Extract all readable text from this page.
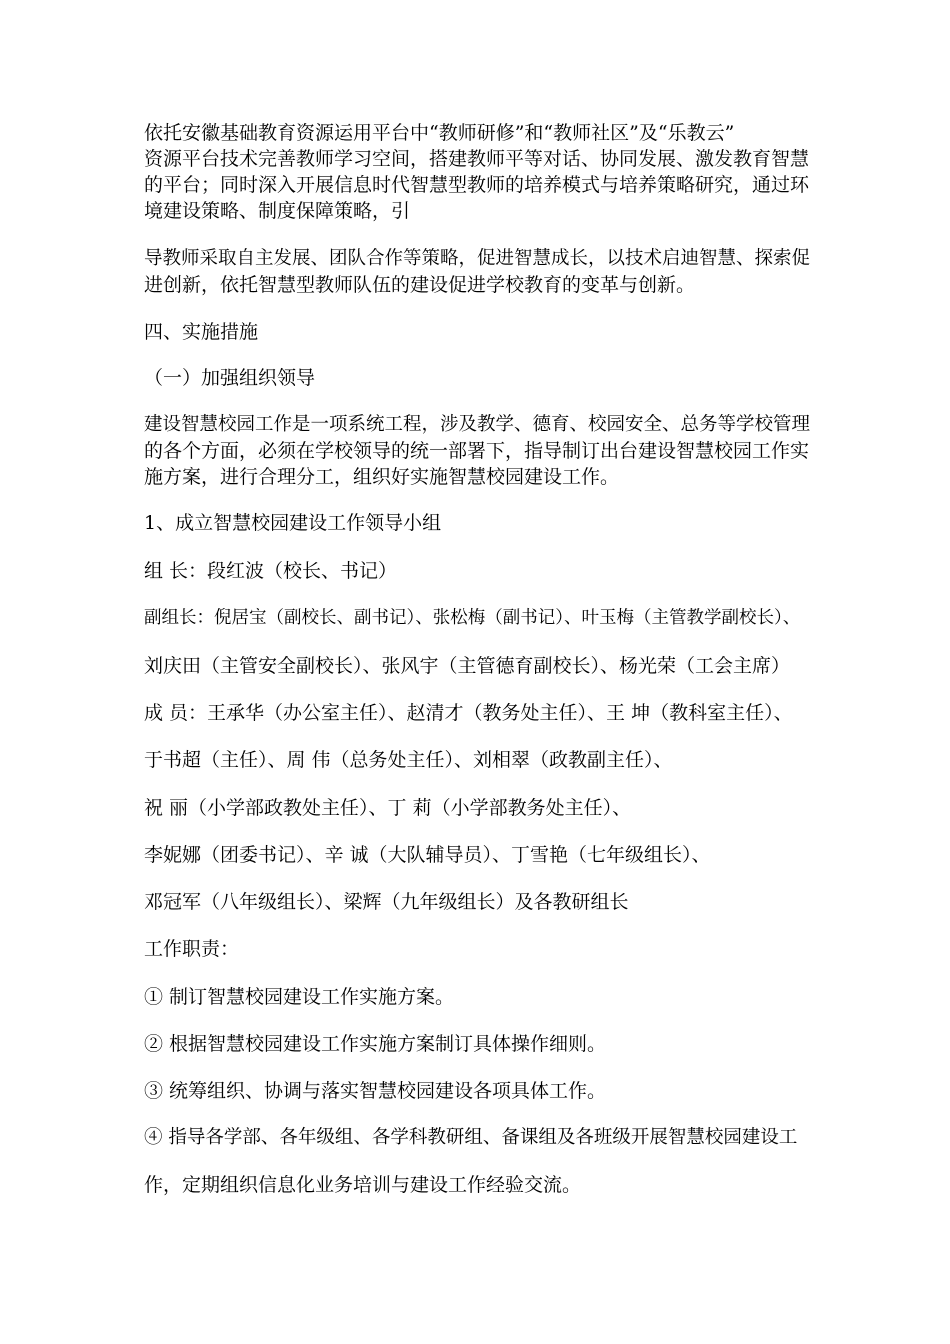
依托安徽基础教育资源运用平台中“教师研修”和“教师社区”及“乐教云”
资源平台技术完善教师学习空间，搭建教师平等对话、协同发展、激发教育智慧
的平台；同时深入开展信息时代智慧型教师的培养模式与培养策略研究，通过环
境建设策略、制度保障策略，引
导教师采取自主发展、团队合作等策略，促进智慧成长，以技术启迪智慧、探索促
进创新，依托智慧型教师队伍的建设促进学校教育的变革与创新。
四、实施措施
（一）加强组织领导
建设智慧校园工作是一项系统工程，涉及教学、德育、校园安全、总务等学校管理
的各个方面，必须在学校领导的统一部署下，指导制订出台建设智慧校园工作实
施方案，进行合理分工，组织好实施智慧校园建设工作。
1、成立智慧校园建设工作领导小组
组 长：段红波（校长、书记）
副组长：倪居宝（副校长、副书记）、张松梅（副书记）、叶玉梅（主管教学副校长）、
刘庆田（主管安全副校长）、张风宇（主管德育副校长）、杨光荣（工会主席）
成 员：王承华（办公室主任）、赵清才（教务处主任）、王 坤（教科室主任）、
于书超（主任）、周 伟（总务处主任）、刘相翠（政教副主任）、
祝 丽（小学部政教处主任）、丁 莉（小学部教务处主任）、
李妮娜（团委书记）、辛 诚（大队辅导员）、丁雪艳（七年级组长）、
邓冠军（八年级组长）、梁辉（九年级组长）及各教研组长
工作职责：
① 制订智慧校园建设工作实施方案。
② 根据智慧校园建设工作实施方案制订具体操作细则。
③ 统筹组织、协调与落实智慧校园建设各项具体工作。
④ 指导各学部、各年级组、各学科教研组、备课组及各班级开展智慧校园建设工
作，定期组织信息化业务培训与建设工作经验交流。
